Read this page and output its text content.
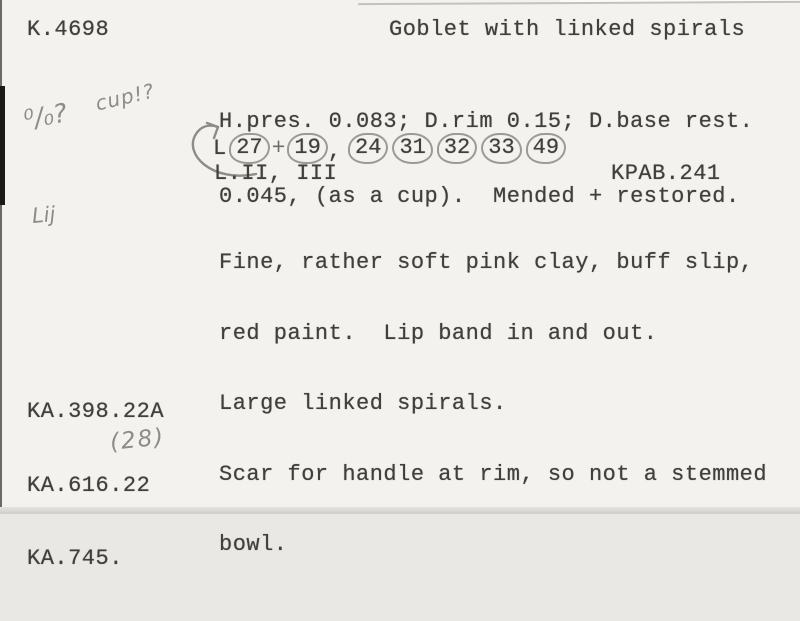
K.4698	Goblet with linked spirals

H.pres. 0.083; D.rim 0.15; D.base rest.

0.045, (as a cup).  Mended + restored.

L 27 + 19 , 24 31 32 33 49
L.II, III	KPAB.241

Fine, rather soft pink clay, buff slip,

red paint.  Lip band in and out.

Large linked spirals.

Scar for handle at rim, so not a stemmed

bowl.

KA.398.22A

KA.616.22

KA.745.

cup!?
⁰/₀?
Lij
(28)
